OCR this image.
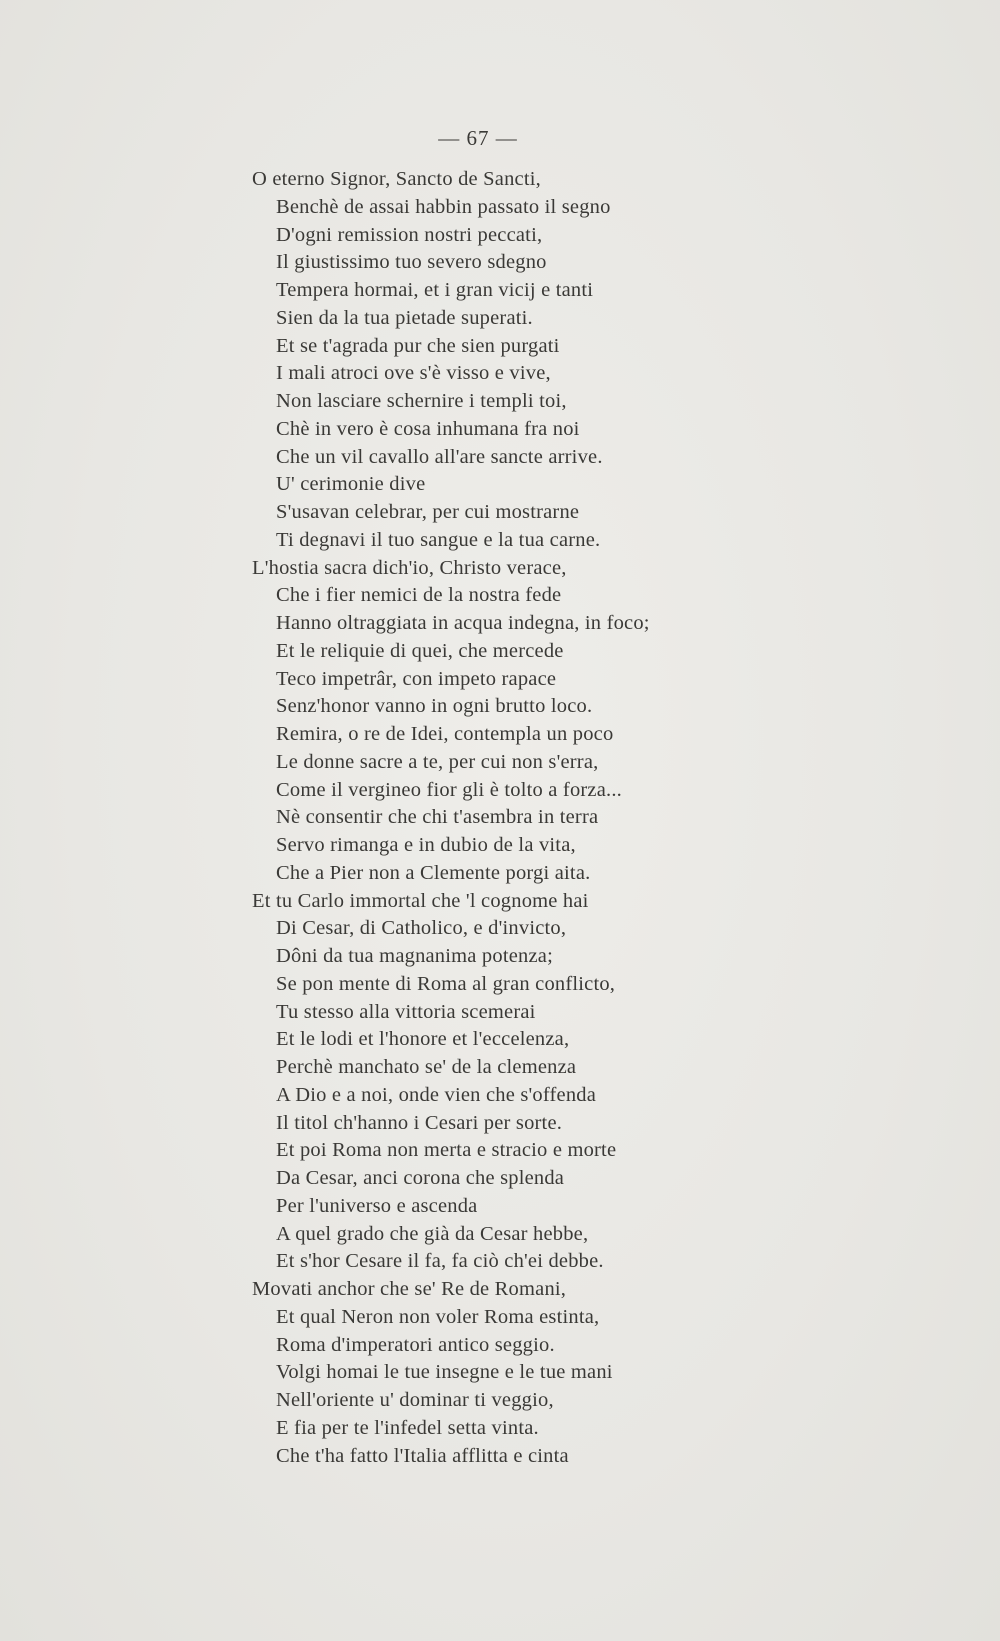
— 67 —
O eterno Signor, Sancto de Sancti,
Benchè de assai habbin passato il segno
D'ogni remission nostri peccati,
Il giustissimo tuo severo sdegno
Tempera hormai, et i gran vicij e tanti
Sien da la tua pietade superati.
Et se t'agrada pur che sien purgati
I mali atroci ove s'è visso e vive,
Non lasciare schernire i templi toi,
Chè in vero è cosa inhumana fra noi
Che un vil cavallo all'are sancte arrive.
U' cerimonie dive
S'usavan celebrar, per cui mostrarne
Ti degnavi il tuo sangue e la tua carne.
L'hostia sacra dich'io, Christo verace,
Che i fier nemici de la nostra fede
Hanno oltraggiata in acqua indegna, in foco;
Et le reliquie di quei, che mercede
Teco impetrâr, con impeto rapace
Senz'honor vanno in ogni brutto loco.
Remira, o re de Idei, contempla un poco
Le donne sacre a te, per cui non s'erra,
Come il vergineo fior gli è tolto a forza...
Nè consentir che chi t'asembra in terra
Servo rimanga e in dubio de la vita,
Che a Pier non a Clemente porgi aita.
Et tu Carlo immortal che 'l cognome hai
Di Cesar, di Catholico, e d'invicto,
Dôni da tua magnanima potenza;
Se pon mente di Roma al gran conflicto,
Tu stesso alla vittoria scemerai
Et le lodi et l'honore et l'eccelenza,
Perchè manchato se' de la clemenza
A Dio e a noi, onde vien che s'offenda
Il titol ch'hanno i Cesari per sorte.
Et poi Roma non merta e stracio e morte
Da Cesar, anci corona che splenda
Per l'universo e ascenda
A quel grado che già da Cesar hebbe,
Et s'hor Cesare il fa, fa ciò ch'ei debbe.
Movati anchor che se' Re de Romani,
Et qual Neron non voler Roma estinta,
Roma d'imperatori antico seggio.
Volgi homai le tue insegne e le tue mani
Nell'oriente u' dominar ti veggio,
E fia per te l'infedel setta vinta.
Che t'ha fatto l'Italia afflitta e cinta
